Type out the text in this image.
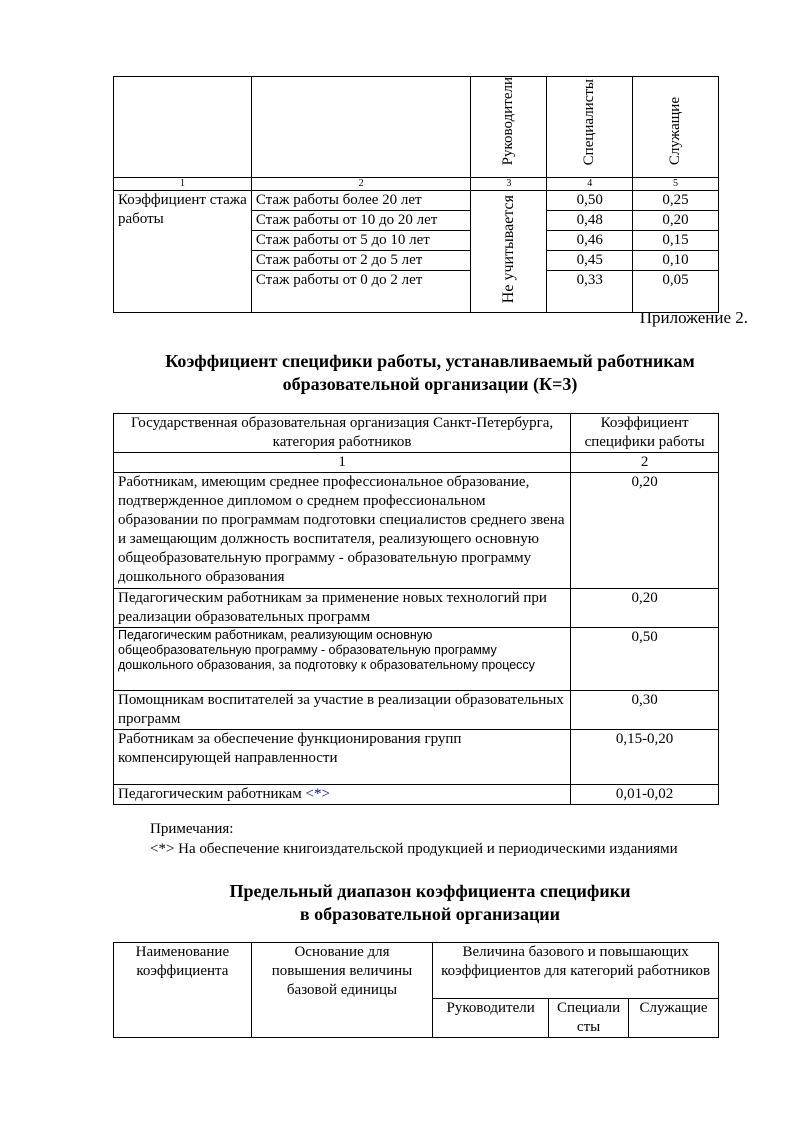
		Руководители	Специалисты	Служащие
1	2	3	4	5
Коэффициент стажа работы	Стаж работы более 20 лет	Не учитывается	0,50	0,25
	Стаж работы от 10 до 20 лет		0,48	0,20
	Стаж работы от 5 до 10 лет		0,46	0,15
	Стаж работы от 2 до 5 лет		0,45	0,10
	Стаж работы от 0 до 2 лет		0,33	0,05
Приложение 2.
Коэффициент специфики работы, устанавливаемый работникам
образовательной организации (К=3)
Государственная образовательная организация Санкт-Петербурга, категория работников	Коэффициент специфики работы
1	2
Работникам, имеющим среднее профессиональное образование, подтвержденное дипломом о среднем профессиональном образовании по программам подготовки специалистов среднего звена и замещающим должность воспитателя, реализующего основную общеобразовательную программу - образовательную программу дошкольного образования	0,20
Педагогическим работникам за применение новых технологий при реализации образовательных программ	0,20
Педагогическим работникам, реализующим основную общеобразовательную программу - образовательную программу дошкольного образования, за подготовку к образовательному процессу	0,50
Помощникам воспитателей за участие в реализации образовательных программ	0,30
Работникам за обеспечение функционирования групп компенсирующей направленности	0,15-0,20
Педагогическим работникам <*>	0,01-0,02
Примечания:
<*> На обеспечение книгоиздательской продукцией и периодическими изданиями
Предельный диапазон коэффициента специфики
в образовательной организации
Наименование коэффициента	Основание для повышения величины базовой единицы	Величина базового и повышающих коэффициентов для категорий работников		
		Руководители	Специали сты	Служащие
